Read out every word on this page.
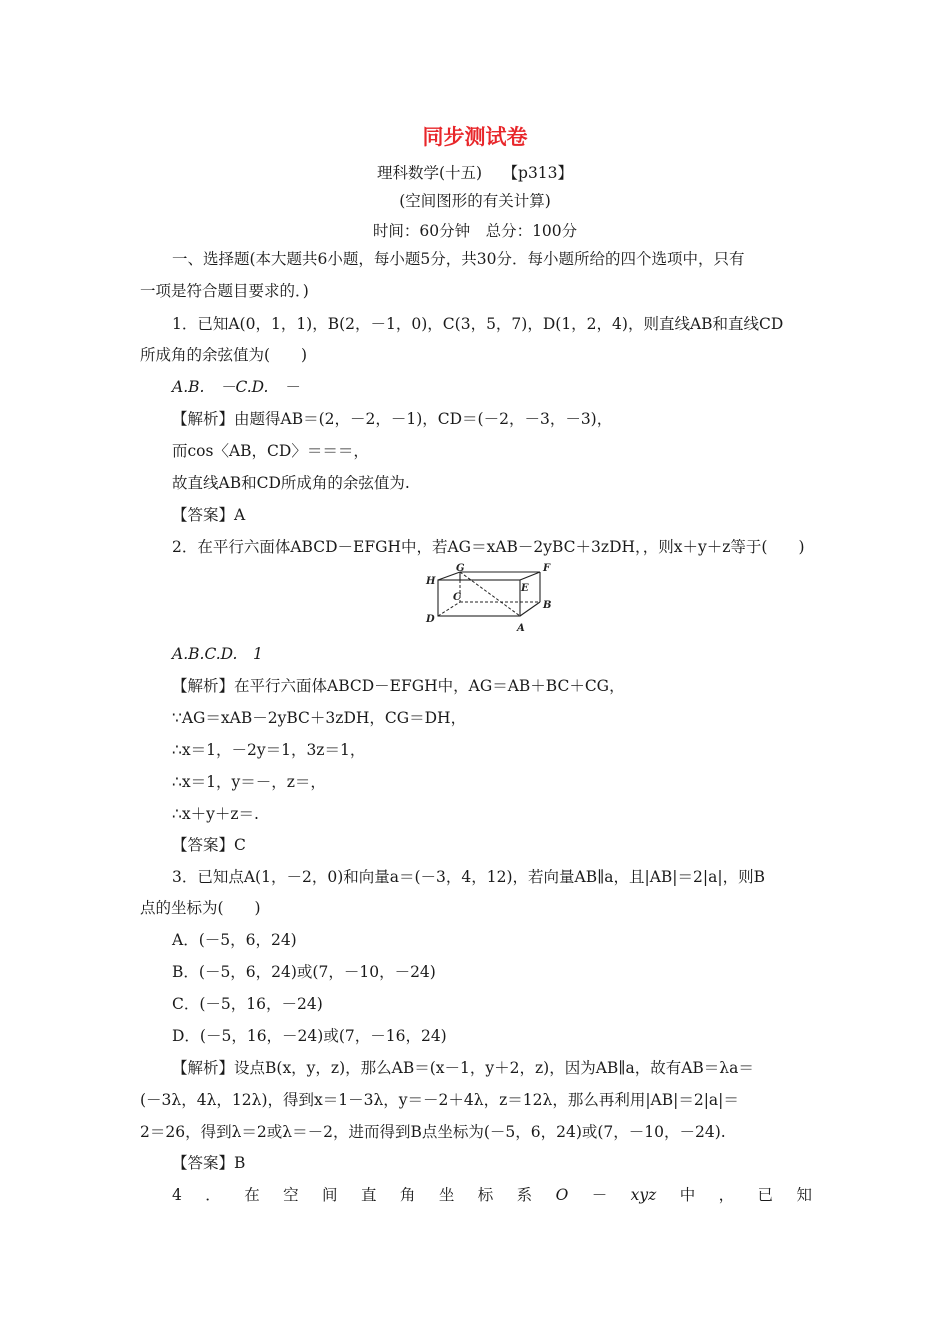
同步测试卷
理科数学(十五)　 【p313】
(空间图形的有关计算)
时间：60分钟　总分：100分
一、选择题(本大题共6小题，每小题5分，共30分．每小题所给的四个选项中，只有
一项是符合题目要求的．)
1．已知A(0，1，1)，B(2，－1，0)，C(3，5，7)，D(1，2，4)，则直线AB和直线CD
所成角的余弦值为(　　)
A.B.　－C.D.　－
【解析】由题得AB＝(2，－2，－1)，CD＝(－2，－3，－3)，
而cos〈AB，CD〉＝＝＝，
故直线AB和CD所成角的余弦值为.
【答案】A
2．在平行六面体ABCD－EFGH中，若AG＝xAB－2yBC＋3zDH，，则x＋y＋z等于(　　)
G	F
H
C
E
B
D
A
A.B.C.D.　1
【解析】在平行六面体ABCD－EFGH中，AG＝AB＋BC＋CG，
∵AG＝xAB－2yBC＋3zDH，CG＝DH，
∴x＝1，－2y＝1，3z＝1，
∴x＝1，y＝－，z＝，
∴x＋y＋z＝.
【答案】C
3．已知点A(1，－2，0)和向量a＝(－3，4，12)，若向量AB∥a，且|AB|＝2|a|，则B
点的坐标为(　　)
A．(－5，6，24)
B．(－5，6，24)或(7，－10，－24)
C．(－5，16，－24)
D．(－5，16，－24)或(7，－16，24)
【解析】设点B(x，y，z)，那么AB＝(x－1，y＋2，z)，因为AB∥a，故有AB＝λa＝
(－3λ，4λ，12λ)，得到x＝1－3λ，y＝－2＋4λ，z＝12λ，那么再利用|AB|＝2|a|＝
2＝26，得到λ＝2或λ＝－2，进而得到B点坐标为(－5，6，24)或(7，－10，－24).
【答案】B
4 ． 在 空 间 直 角 坐 标 系 O － xyz 中 ， 已 知
